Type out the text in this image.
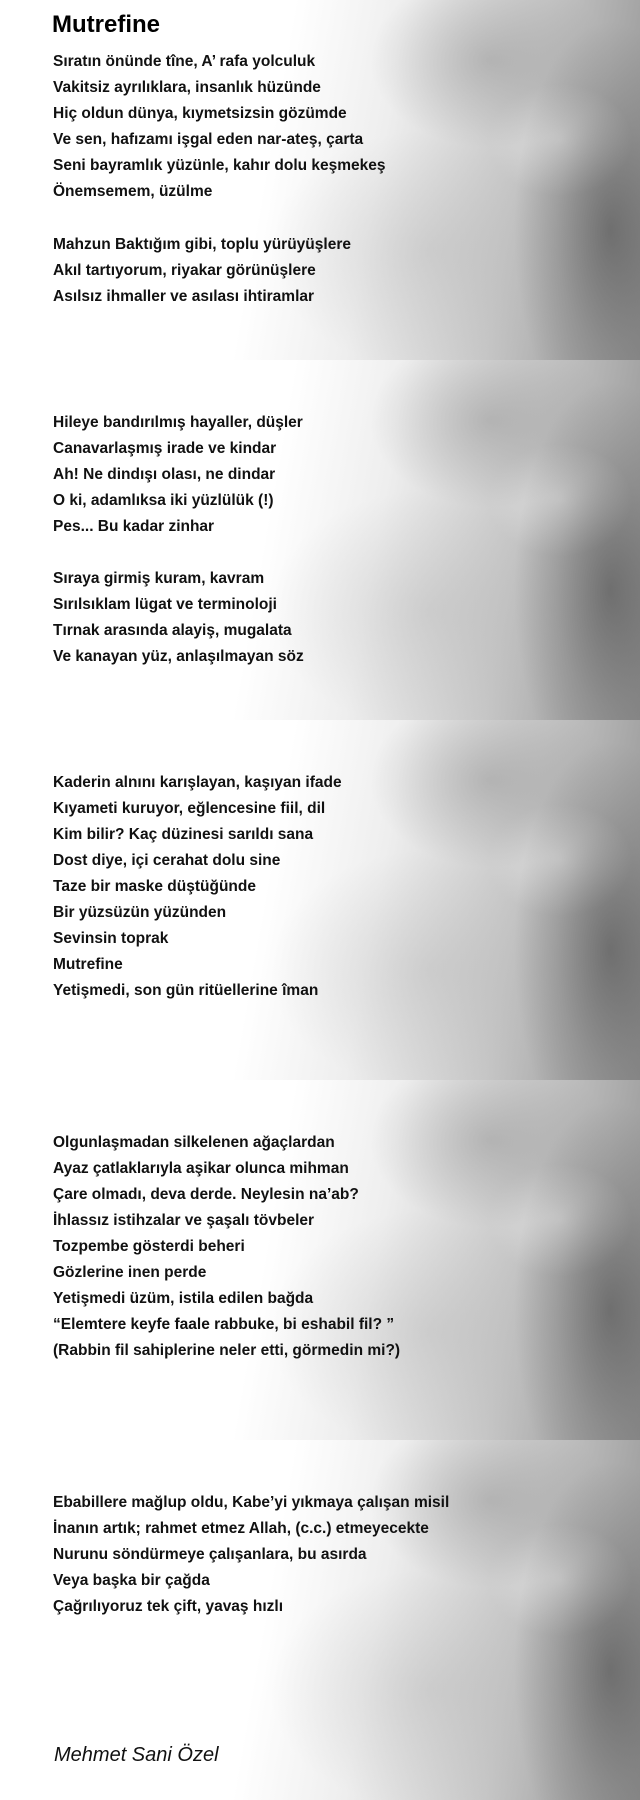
Mutrefine
Sıratın önünde tîne, A’ rafa yolculuk
Vakitsiz ayrılıklara, insanlık hüzünde
Hiç oldun dünya, kıymetsizsin gözümde
Ve sen, hafızamı işgal eden nar-ateş, çarta
Seni bayramlık yüzünle, kahır dolu keşmekeş
Önemsemem, üzülme
Mahzun Baktığım gibi, toplu yürüyüşlere
Akıl tartıyorum, riyakar görünüşlere
Asılsız ihmaller ve asılası ihtiramlar
Hileye bandırılmış hayaller, düşler
Canavarlaşmış irade ve kindar
Ah! Ne dindışı olası, ne dindar
O ki, adamlıksa iki yüzlülük (!)
Pes... Bu kadar zinhar
Sıraya girmiş kuram, kavram
Sırılsıklam lügat ve terminoloji
Tırnak arasında alayiş, mugalata
Ve kanayan yüz, anlaşılmayan söz
Kaderin alnını karışlayan, kaşıyan ifade
Kıyameti kuruyor, eğlencesine fiil, dil
Kim bilir? Kaç düzinesi sarıldı sana
Dost diye, içi cerahat dolu sine
Taze bir maske düştüğünde
Bir yüzsüzün yüzünden
Sevinsin toprak
Mutrefine
Yetişmedi, son gün ritüellerine îman
Olgunlaşmadan silkelenen ağaçlardan
Ayaz çatlaklarıyla aşikar olunca mihman
Çare olmadı, deva derde. Neylesin na’ab?
İhlassız istihzalar ve şaşalı tövbeler
Tozpembe gösterdi beheri
Gözlerine inen perde
Yetişmedi üzüm, istila edilen bağda
“Elemtere keyfe faale rabbuke, bi eshabil fil? ”
(Rabbin fil sahiplerine neler etti, görmedin mi?)
Ebabillere mağlup oldu, Kabe’yi yıkmaya çalışan misil
İnanın artık; rahmet etmez Allah, (c.c.) etmeyecekte
Nurunu söndürmeye çalışanlara, bu asırda
Veya başka bir çağda
Çağrılıyoruz tek çift, yavaş hızlı
Mehmet Sani Özel
